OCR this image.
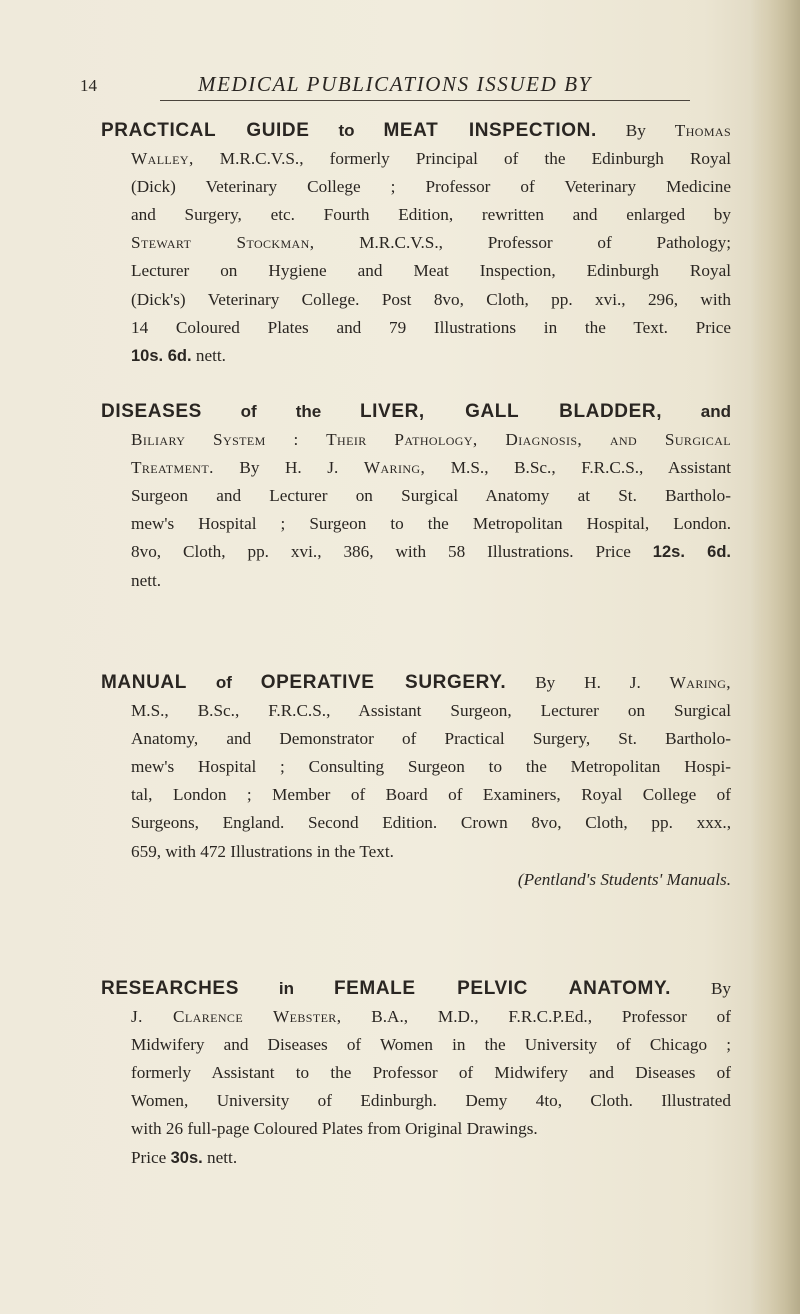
14	MEDICAL PUBLICATIONS ISSUED BY
PRACTICAL GUIDE to MEAT INSPECTION. By Thomas
Walley, M.R.C.V.S., formerly Principal of the Edinburgh Royal
(Dick) Veterinary College ; Professor of Veterinary Medicine
and Surgery, etc. Fourth Edition, rewritten and enlarged by
Stewart Stockman,	M.R.C.V.S., Professor of Pathology;
Lecturer on Hygiene and Meat Inspection, Edinburgh Royal
(Dick's) Veterinary College. Post 8vo, Cloth, pp. xvi., 296, with
14 Coloured Plates and 79 Illustrations in the Text. Price
10s. 6d. nett.
DISEASES of the LIVER, GALL BLADDER, and
Biliary System : Their Pathology, Diagnosis, and Surgical
Treatment. By H. J. Waring, M.S., B.Sc., F.R.C.S., Assistant
Surgeon and Lecturer on Surgical Anatomy at St. Bartholo-
mew's Hospital ; Surgeon to the Metropolitan Hospital, London.
8vo, Cloth, pp. xvi., 386, with 58 Illustrations. Price 12s. 6d.
nett.
MANUAL of OPERATIVE SURGERY. By H. J. Waring,
M.S., B.Sc., F.R.C.S., Assistant Surgeon, Lecturer on Surgical
Anatomy, and Demonstrator of Practical Surgery, St. Bartholo-
mew's Hospital ; Consulting Surgeon to the Metropolitan Hospi-
tal, London ; Member of Board of Examiners, Royal College of
Surgeons, England. Second Edition. Crown 8vo, Cloth, pp. xxx.,
659, with 472 Illustrations in the Text.
(Pentland's Students' Manuals.
RESEARCHES in FEMALE PELVIC ANATOMY. By
J. Clarence Webster, B.A., M.D., F.R.C.P.Ed., Professor of
Midwifery and Diseases of Women in the University of Chicago ;
formerly Assistant to the Professor of Midwifery and Diseases of
Women, University of Edinburgh. Demy 4to, Cloth. Illustrated
with 26 full-page Coloured Plates from Original Drawings.
Price 30s. nett.
